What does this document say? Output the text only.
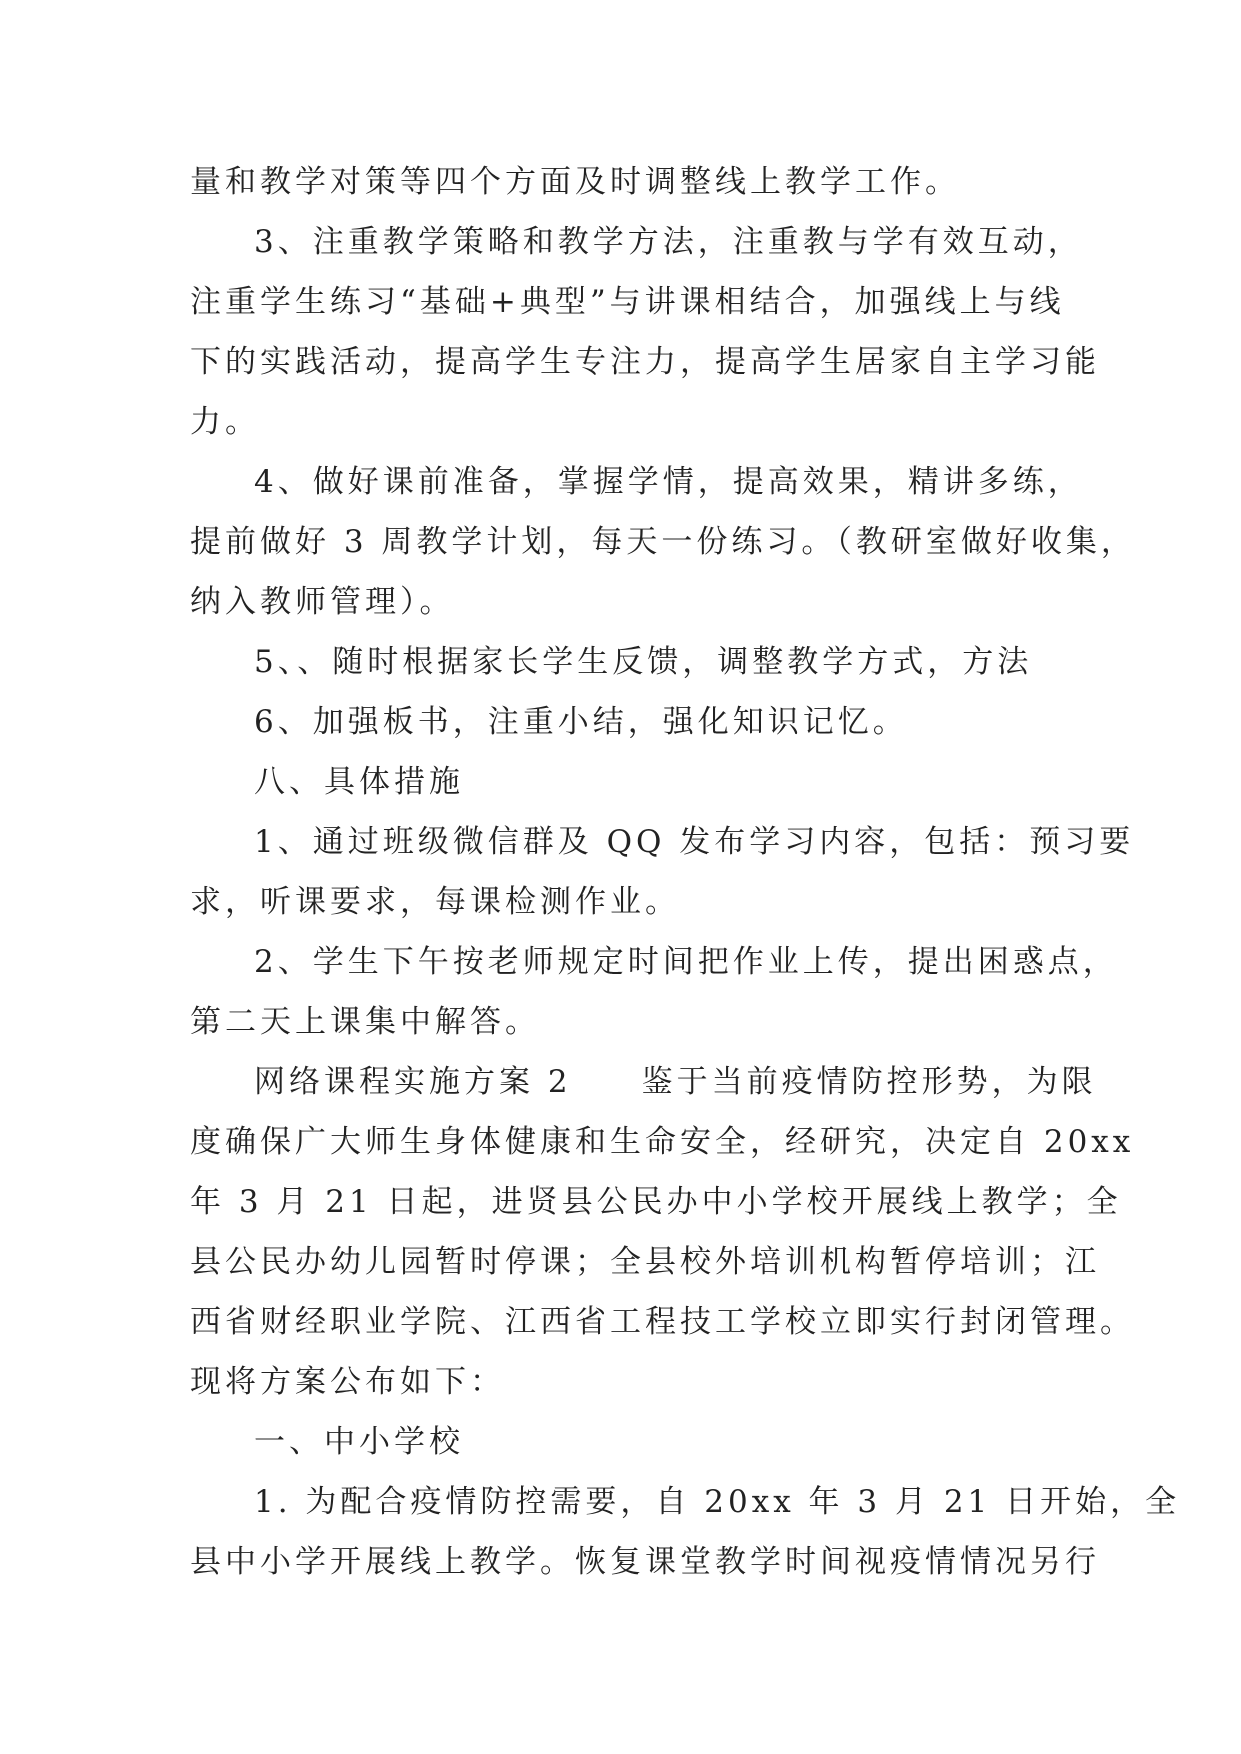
量和教学对策等四个方面及时调整线上教学工作。
3、注重教学策略和教学方法，注重教与学有效互动，
注重学生练习“基础+典型”与讲课相结合，加强线上与线
下的实践活动，提高学生专注力，提高学生居家自主学习能
力。
4、做好课前准备，掌握学情，提高效果，精讲多练，
提前做好 3 周教学计划，每天一份练习。（教研室做好收集，
纳入教师管理）。
5、、随时根据家长学生反馈，调整教学方式，方法
6、加强板书，注重小结，强化知识记忆。
八、具体措施
1、通过班级微信群及 QQ 发布学习内容，包括：预习要
求，听课要求，每课检测作业。
2、学生下午按老师规定时间把作业上传，提出困惑点，
第二天上课集中解答。
网络课程实施方案 2　　鉴于当前疫情防控形势，为限
度确保广大师生身体健康和生命安全，经研究，决定自 20xx
年 3 月 21 日起，进贤县公民办中小学校开展线上教学；全
县公民办幼儿园暂时停课；全县校外培训机构暂停培训；江
西省财经职业学院、江西省工程技工学校立即实行封闭管理。
现将方案公布如下：
一、中小学校
1. 为配合疫情防控需要，自 20xx 年 3 月 21 日开始，全
县中小学开展线上教学。恢复课堂教学时间视疫情情况另行
